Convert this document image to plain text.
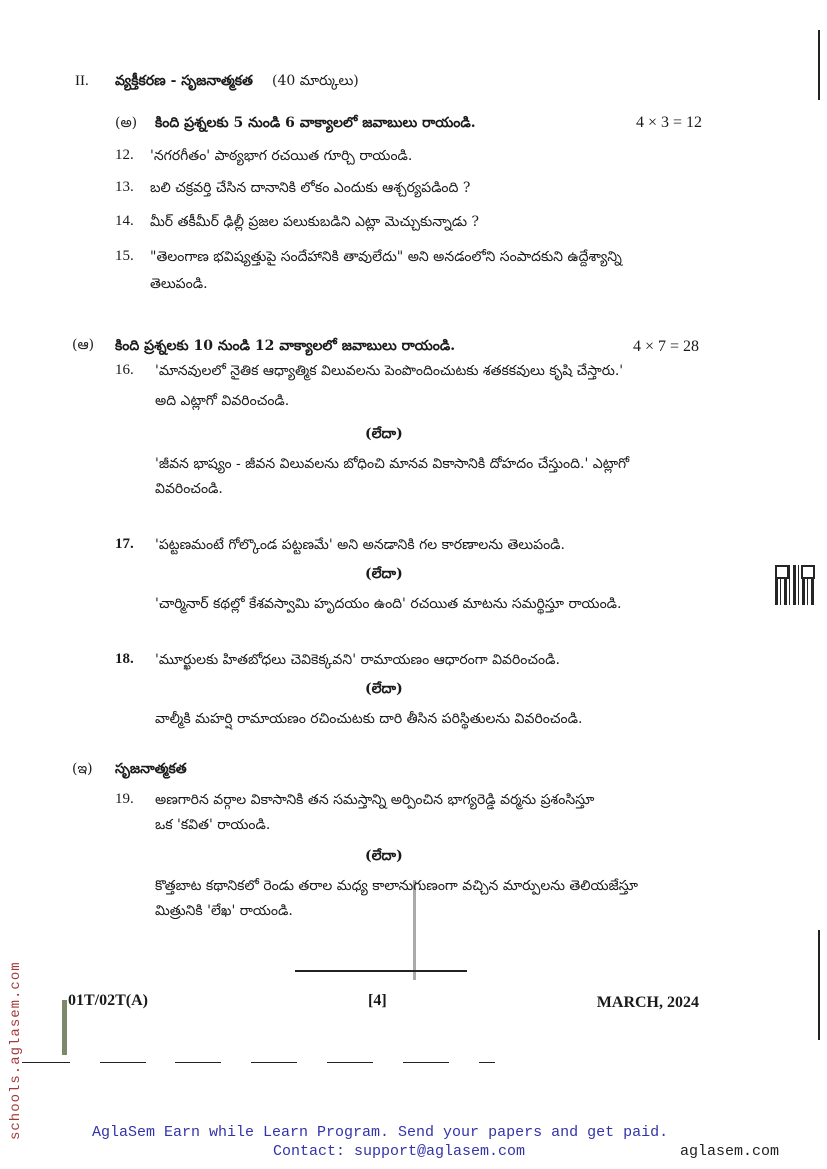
II. వ్యక్తీకరణ - సృజనాత్మకత (40 మార్కులు)
(అ) కింది ప్రశ్నలకు 5 నుండి 6 వాక్యాలలో జవాబులు రాయండి.	4 × 3 = 12
12. 'నగరగీతం' పాఠ్యభాగ రచయిత గూర్చి రాయండి.
13. బలి చక్రవర్తి చేసిన దానానికి లోకం ఎందుకు ఆశ్చర్యపడింది ?
14. మీర్ తకీమీర్ ఢిల్లీ ప్రజల పలుకుబడిని ఎట్లా మెచ్చుకున్నాడు ?
15. "తెలంగాణ భవిష్యత్తుపై సందేహానికి తావులేదు" అని అనడంలోని సంపాదకుని ఉద్దేశ్యాన్ని
తెలుపండి.
(ఆ) కింది ప్రశ్నలకు 10 నుండి 12 వాక్యాలలో జవాబులు రాయండి.	4 × 7 = 28
16. 'మానవులలో నైతిక ఆధ్యాత్మిక విలువలను పెంపొందించుటకు శతకకవులు కృషి చేస్తారు.'
అది ఎట్లాగో వివరించండి.
(లేదా)
'జీవన భాష్యం - జీవన విలువలను బోధించి మానవ వికాసానికి దోహదం చేస్తుంది.' ఎట్లాగో
వివరించండి.
17. 'పట్టణమంటే గోల్కొండ పట్టణమే' అని అనడానికి గల కారణాలను తెలుపండి.
(లేదా)
'చార్మినార్ కథల్లో కేశవస్వామి హృదయం ఉంది' రచయిత మాటను సమర్థిస్తూ రాయండి.
18. 'మూర్ఖులకు హితబోధలు చెవికెక్కవని' రామాయణం ఆధారంగా వివరించండి.
(లేదా)
వాల్మీకి మహర్షి రామాయణం రచించుటకు దారి తీసిన పరిస్థితులను వివరించండి.
(ఇ) సృజనాత్మకత
19. అణగారిన వర్గాల వికాసానికి తన సమస్తాన్ని అర్పించిన భాగ్యరెడ్డి వర్మను ప్రశంసిస్తూ
ఒక 'కవిత' రాయండి.
(లేదా)
కొత్తబాట కథానికలో రెండు తరాల మధ్య కాలానుగుణంగా వచ్చిన మార్పులను తెలియజేస్తూ
మిత్రునికి 'లేఖ' రాయండి.
01T/02T(A)	[4]	MARCH, 2024
schools.aglasem.com	AglaSem Earn while Learn Program. Send your papers and get paid.
Contact: support@aglasem.com	aglasem.com
